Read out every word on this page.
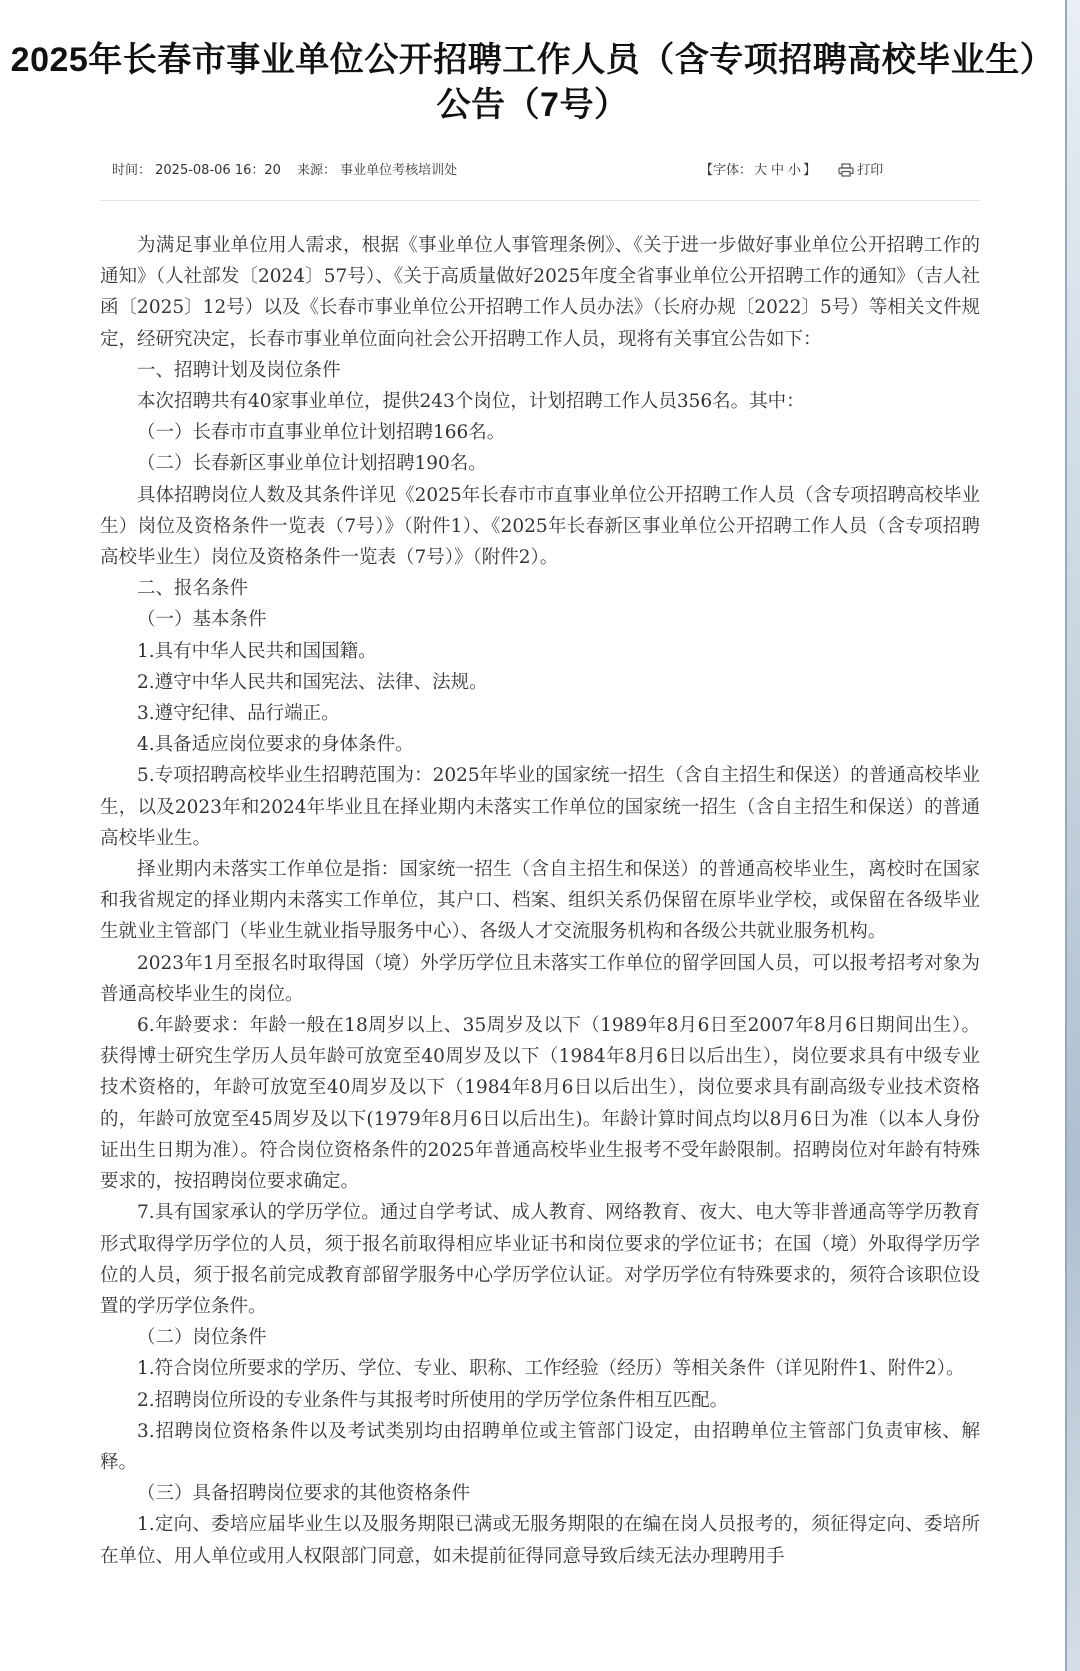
2025年长春市事业单位公开招聘工作人员（含专项招聘高校毕业生）
公告（7号）
时间： 2025-08-06 16：20 来源： 事业单位考核培训处	【字体： 大 中 小 】	打印

为满足事业单位用人需求，根据《事业单位人事管理条例》、《关于进一步做好事业单位公开招聘工作的通知》（人社部发〔2024〕57号）、《关于高质量做好2025年度全省事业单位公开招聘工作的通知》（吉人社函〔2025〕12号）以及《长春市事业单位公开招聘工作人员办法》（长府办规〔2022〕5号）等相关文件规定，经研究决定，长春市事业单位面向社会公开招聘工作人员，现将有关事宜公告如下：

一、招聘计划及岗位条件

本次招聘共有40家事业单位，提供243个岗位，计划招聘工作人员356名。其中：

（一）长春市市直事业单位计划招聘166名。

（二）长春新区事业单位计划招聘190名。

具体招聘岗位人数及其条件详见《2025年长春市市直事业单位公开招聘工作人员（含专项招聘高校毕业生）岗位及资格条件一览表（7号）》（附件1）、《2025年长春新区事业单位公开招聘工作人员（含专项招聘高校毕业生）岗位及资格条件一览表（7号）》（附件2）。

二、报名条件

（一）基本条件

1.具有中华人民共和国国籍。

2.遵守中华人民共和国宪法、法律、法规。

3.遵守纪律、品行端正。

4.具备适应岗位要求的身体条件。

5.专项招聘高校毕业生招聘范围为：2025年毕业的国家统一招生（含自主招生和保送）的普通高校毕业生，以及2023年和2024年毕业且在择业期内未落实工作单位的国家统一招生（含自主招生和保送）的普通高校毕业生。

择业期内未落实工作单位是指：国家统一招生（含自主招生和保送）的普通高校毕业生，离校时在国家和我省规定的择业期内未落实工作单位，其户口、档案、组织关系仍保留在原毕业学校，或保留在各级毕业生就业主管部门（毕业生就业指导服务中心）、各级人才交流服务机构和各级公共就业服务机构。

2023年1月至报名时取得国（境）外学历学位且未落实工作单位的留学回国人员，可以报考招考对象为普通高校毕业生的岗位。

6.年龄要求：年龄一般在18周岁以上、35周岁及以下（1989年8月6日至2007年8月6日期间出生）。获得博士研究生学历人员年龄可放宽至40周岁及以下（1984年8月6日以后出生），岗位要求具有中级专业技术资格的，年龄可放宽至40周岁及以下（1984年8月6日以后出生），岗位要求具有副高级专业技术资格的，年龄可放宽至45周岁及以下(1979年8月6日以后出生)。年龄计算时间点均以8月6日为准（以本人身份证出生日期为准）。符合岗位资格条件的2025年普通高校毕业生报考不受年龄限制。招聘岗位对年龄有特殊要求的，按招聘岗位要求确定。

7.具有国家承认的学历学位。通过自学考试、成人教育、网络教育、夜大、电大等非普通高等学历教育形式取得学历学位的人员，须于报名前取得相应毕业证书和岗位要求的学位证书；在国（境）外取得学历学位的人员，须于报名前完成教育部留学服务中心学历学位认证。对学历学位有特殊要求的，须符合该职位设置的学历学位条件。

（二）岗位条件

1.符合岗位所要求的学历、学位、专业、职称、工作经验（经历）等相关条件（详见附件1、附件2）。

2.招聘岗位所设的专业条件与其报考时所使用的学历学位条件相互匹配。

3.招聘岗位资格条件以及考试类别均由招聘单位或主管部门设定，由招聘单位主管部门负责审核、解释。

（三）具备招聘岗位要求的其他资格条件

1.定向、委培应届毕业生以及服务期限已满或无服务期限的在编在岗人员报考的，须征得定向、委培所在单位、用人单位或用人权限部门同意，如未提前征得同意导致后续无法办理聘用手
